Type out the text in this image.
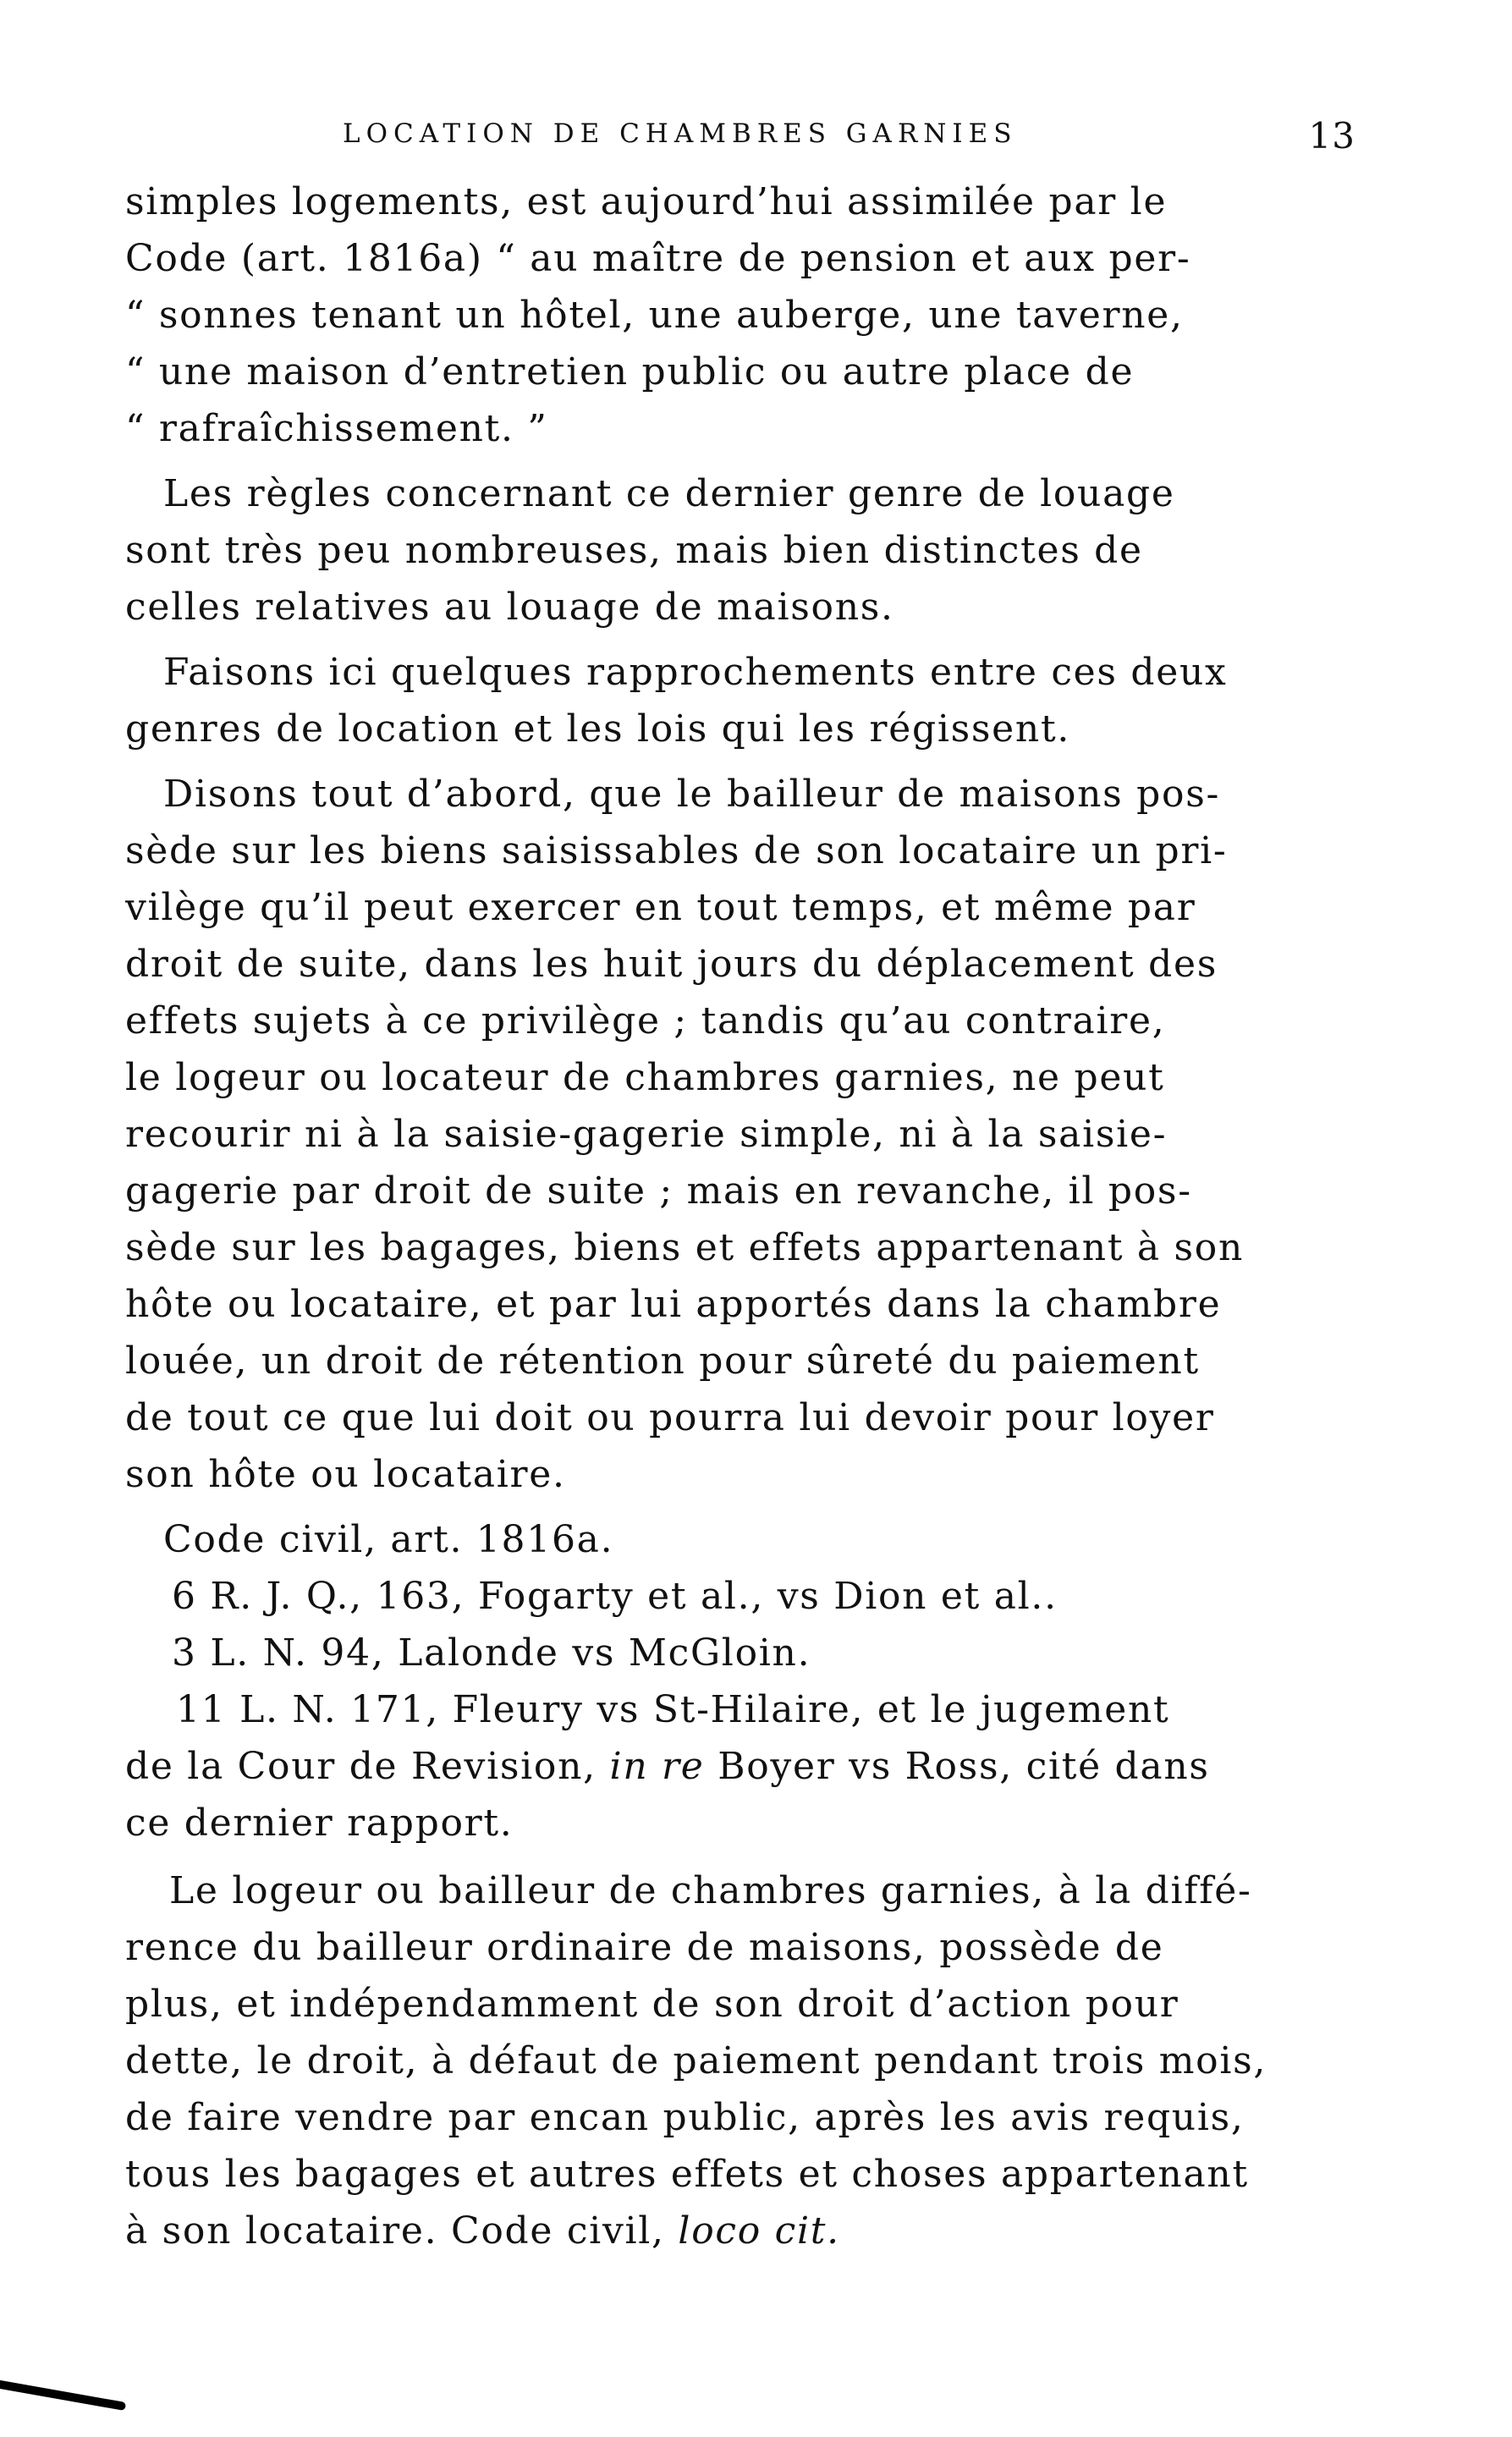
LOCATION DE CHAMBRES GARNIES	13
simples logements, est aujourd’hui assimilée par le
Code (art. 1816a) “ au maître de pension et aux per-
“ sonnes tenant un hôtel, une auberge, une taverne,
“ une maison d’entretien public ou autre place de
“ rafraîchissement. ”
Les règles concernant ce dernier genre de louage
sont très peu nombreuses, mais bien distinctes de
celles relatives au louage de maisons.
Faisons ici quelques rapprochements entre ces deux
genres de location et les lois qui les régissent.
Disons tout d’abord, que le bailleur de maisons pos-
sède sur les biens saisissables de son locataire un pri-
vilège qu’il peut exercer en tout temps, et même par
droit de suite, dans les huit jours du déplacement des
effets sujets à ce privilège ; tandis qu’au contraire,
le logeur ou locateur de chambres garnies, ne peut
recourir ni à la saisie-gagerie simple, ni à la saisie-
gagerie par droit de suite ; mais en revanche, il pos-
sède sur les bagages, biens et effets appartenant à son
hôte ou locataire, et par lui apportés dans la chambre
louée, un droit de rétention pour sûreté du paiement
de tout ce que lui doit ou pourra lui devoir pour loyer
son hôte ou locataire.
Code civil, art. 1816a.
6 R. J. Q., 163, Fogarty et al., vs Dion et al..
3 L. N. 94, Lalonde vs McGloin.
11 L. N. 171, Fleury vs St-Hilaire, et le jugement
de la Cour de Revision, in re Boyer vs Ross, cité dans
ce dernier rapport.
Le logeur ou bailleur de chambres garnies, à la diffé-
rence du bailleur ordinaire de maisons, possède de
plus, et indépendamment de son droit d’action pour
dette, le droit, à défaut de paiement pendant trois mois,
de faire vendre par encan public, après les avis requis,
tous les bagages et autres effets et choses appartenant
à son locataire. Code civil, loco cit.
